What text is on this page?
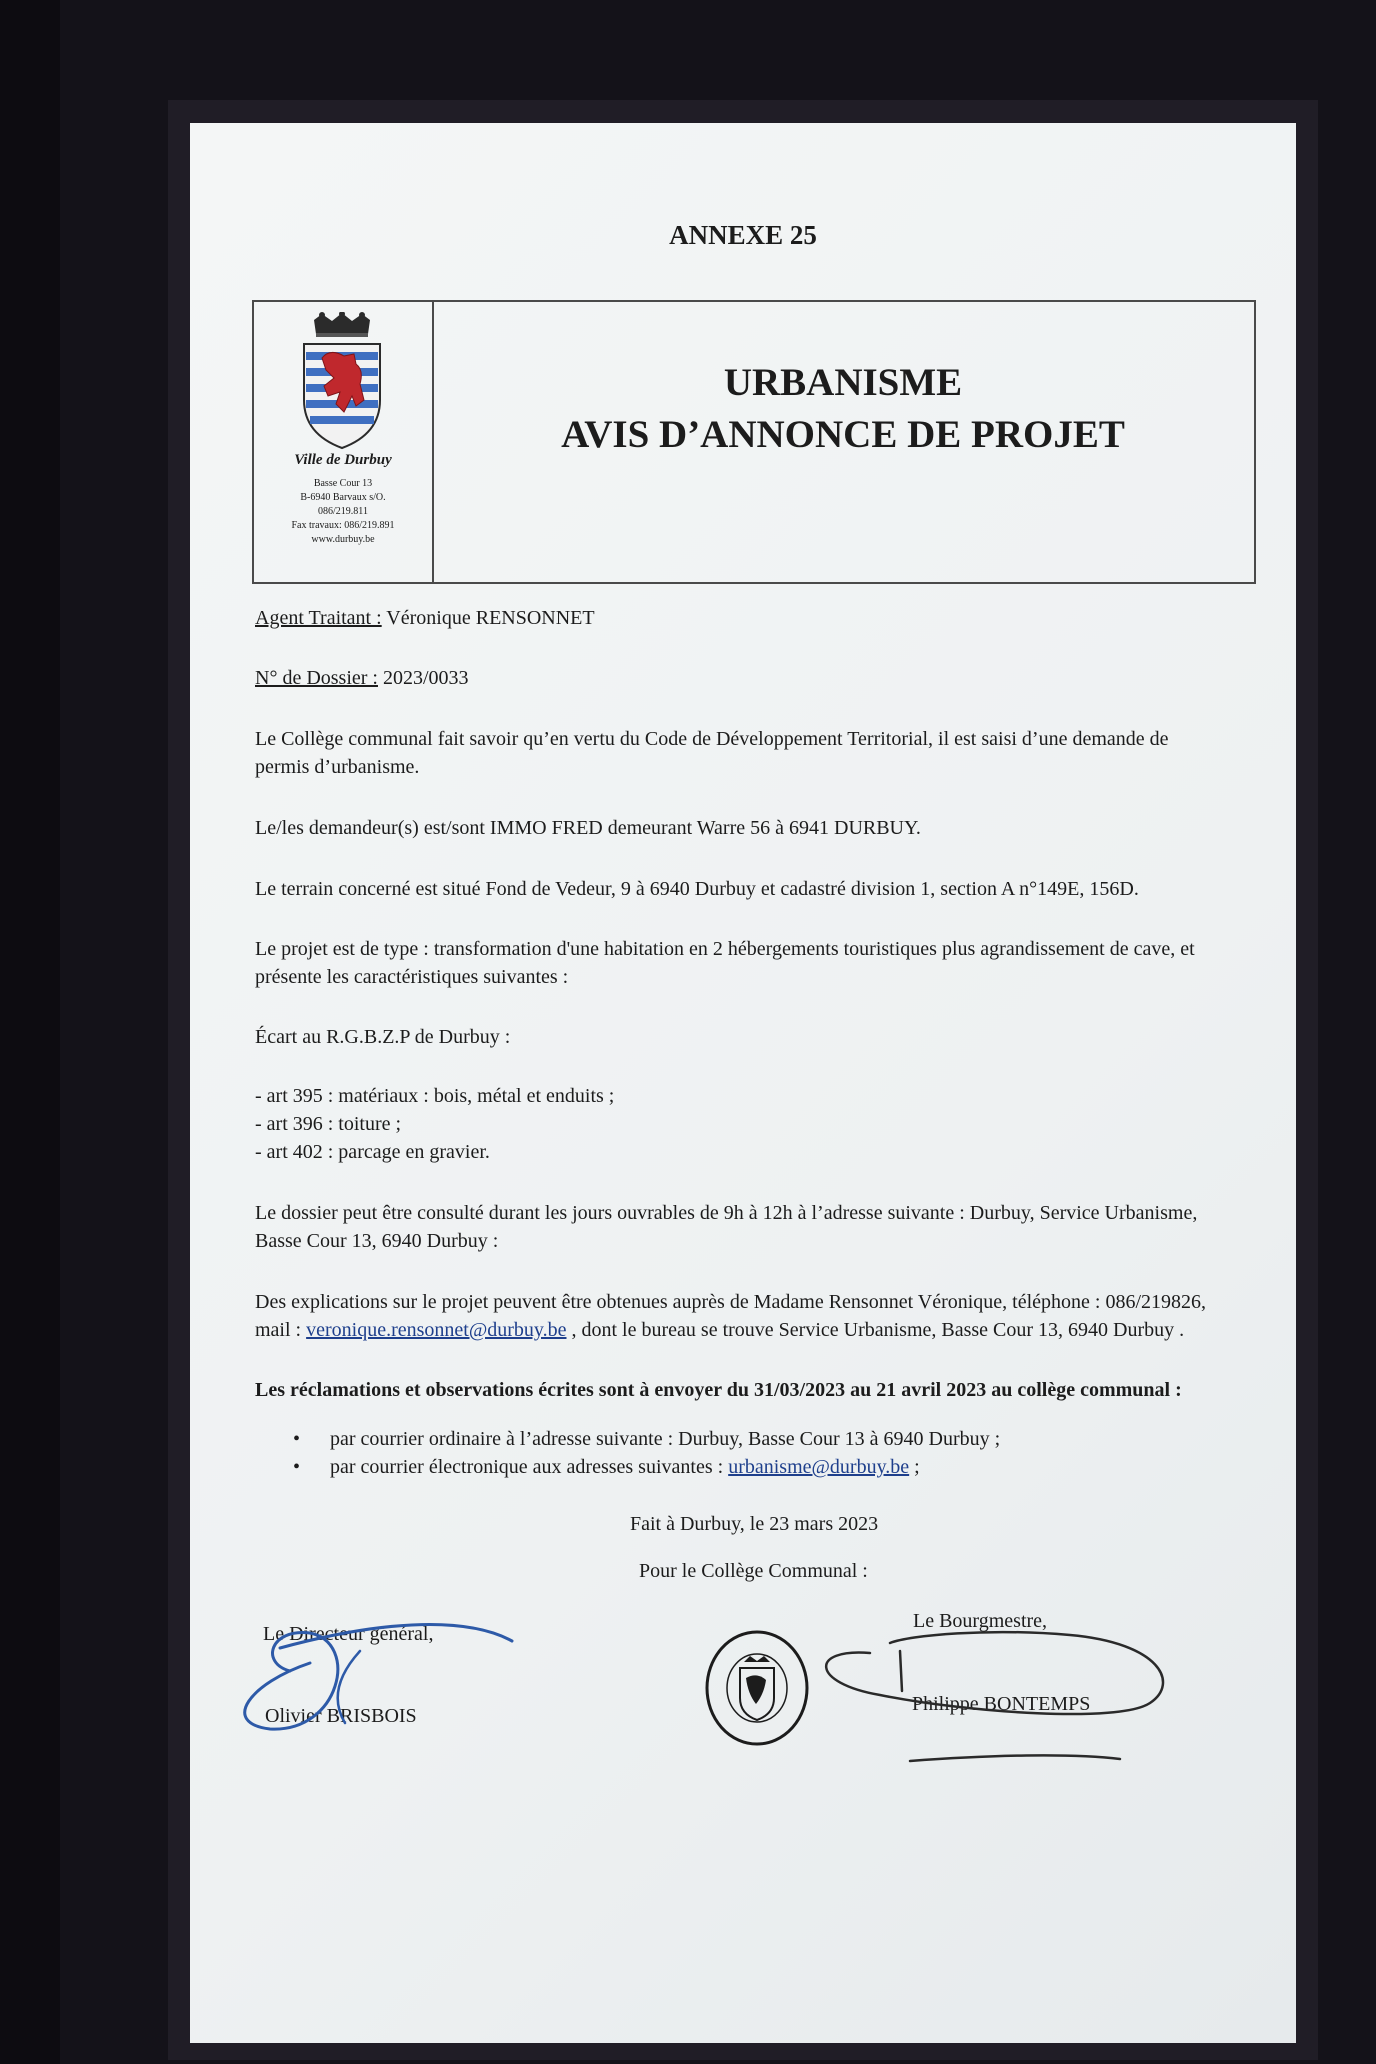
ANNEXE 25
Ville de Durbuy
Basse Cour 13
B-6940 Barvaux s/O.
086/219.811
Fax travaux: 086/219.891
www.durbuy.be
URBANISME
AVIS D’ANNONCE DE PROJET
Agent Traitant : Véronique RENSONNET
N° de Dossier : 2023/0033
Le Collège communal fait savoir qu’en vertu du Code de Développement Territorial, il est saisi d’une demande de
permis d’urbanisme.
Le/les demandeur(s) est/sont IMMO FRED demeurant Warre 56 à 6941 DURBUY.
Le terrain concerné est situé Fond de Vedeur, 9 à 6940 Durbuy et cadastré division 1, section A n°149E, 156D.
Le projet est de type : transformation d'une habitation en 2 hébergements touristiques plus agrandissement de cave, et
présente les caractéristiques suivantes :
Écart au R.G.B.Z.P de Durbuy :
- art 395 : matériaux : bois, métal et enduits ;
- art 396 : toiture ;
- art 402 : parcage en gravier.
Le dossier peut être consulté durant les jours ouvrables de 9h à 12h à l’adresse suivante : Durbuy, Service Urbanisme,
Basse Cour 13, 6940 Durbuy :
Des explications sur le projet peuvent être obtenues auprès de Madame Rensonnet Véronique, téléphone : 086/219826,
mail : veronique.rensonnet@durbuy.be , dont le bureau se trouve Service Urbanisme, Basse Cour 13, 6940 Durbuy .
Les réclamations et observations écrites sont à envoyer du 31/03/2023 au 21 avril 2023 au collège communal :
• par courrier ordinaire à l’adresse suivante : Durbuy, Basse Cour 13 à 6940 Durbuy ;
• par courrier électronique aux adresses suivantes : urbanisme@durbuy.be ;
Fait à Durbuy, le 23 mars 2023
Pour le Collège Communal :
Le Directeur général,
Olivier BRISBOIS
Le Bourgmestre,
Philippe BONTEMPS
